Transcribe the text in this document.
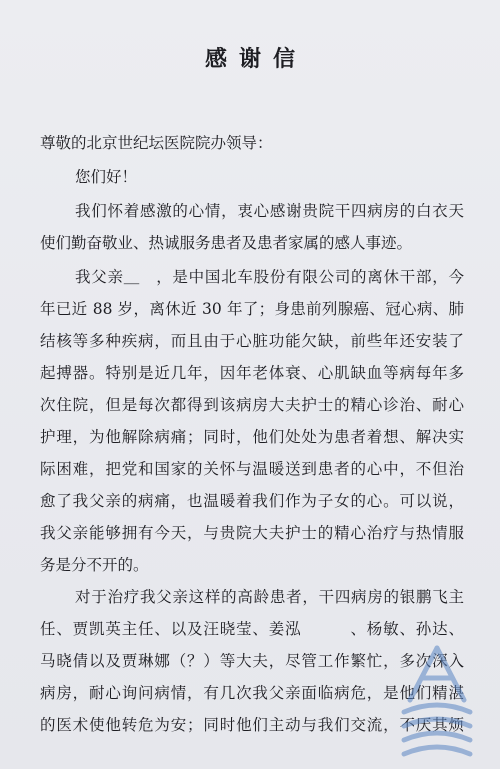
感谢信
尊敬的北京世纪坛医院院办领导：
您们好！
我们怀着感激的心情，衷心感谢贵院干四病房的白衣天
使们勤奋敬业、热诚服务患者及患者家属的感人事迹。
我父亲＿　，是中国北车股份有限公司的离休干部，今
年已近 88 岁，离休近 30 年了；身患前列腺癌、冠心病、肺
结核等多种疾病，而且由于心脏功能欠缺，前些年还安装了
起搏器。特别是近几年，因年老体衰、心肌缺血等病每年多
次住院，但是每次都得到该病房大夫护士的精心诊治、耐心
护理，为他解除病痛；同时，他们处处为患者着想、解决实
际困难，把党和国家的关怀与温暖送到患者的心中，不但治
愈了我父亲的病痛，也温暖着我们作为子女的心。可以说，
我父亲能够拥有今天，与贵院大夫护士的精心治疗与热情服
务是分不开的。
对于治疗我父亲这样的高龄患者，干四病房的银鹏飞主
任、贾凯英主任、以及汪晓莹、姜泓　　　、杨敏、孙达、
马晓倩以及贾琳娜（？）等大夫，尽管工作繁忙，多次深入
病房，耐心询问病情，有几次我父亲面临病危，是他们精湛
的医术使他转危为安；同时他们主动与我们交流，不厌其烦
